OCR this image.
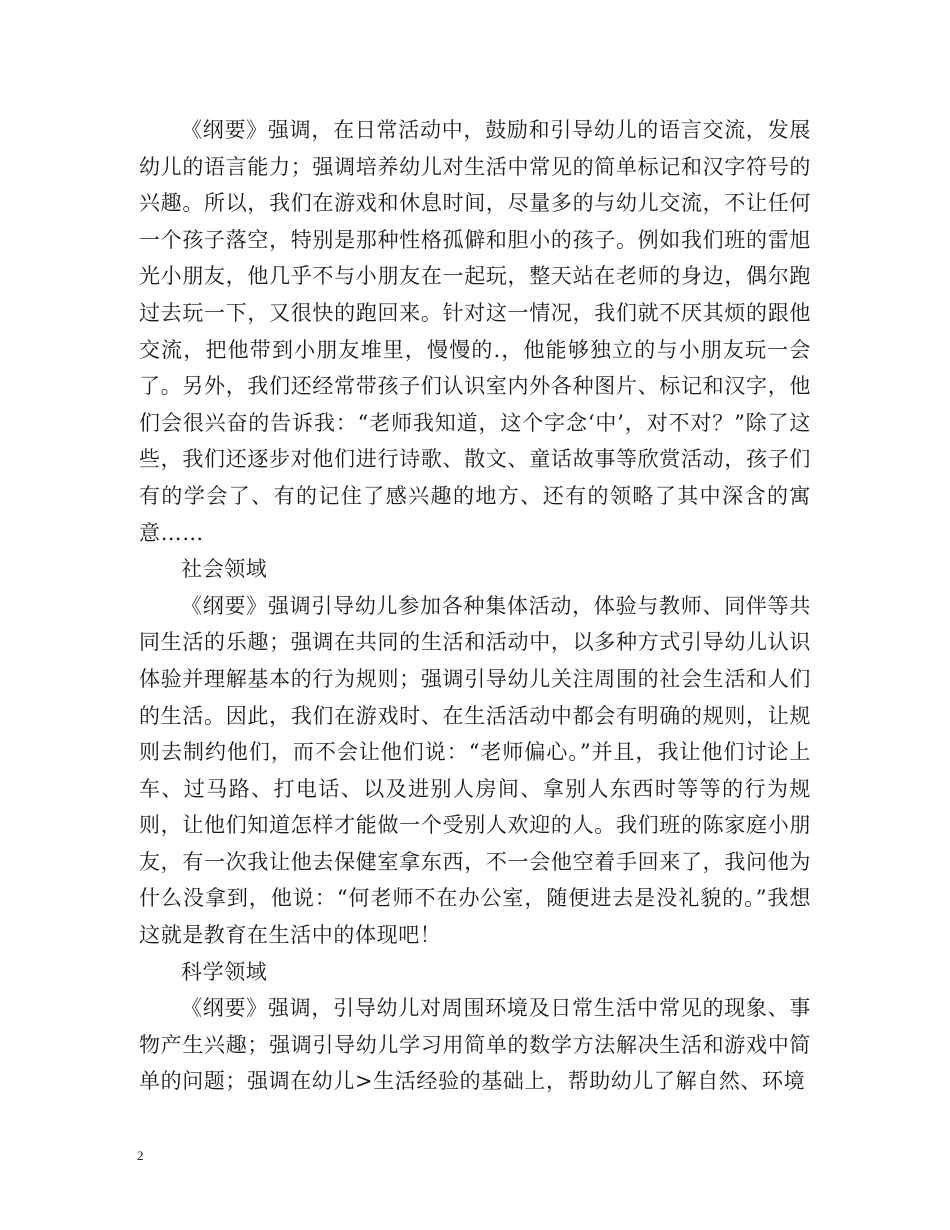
《纲要》强调，在日常活动中，鼓励和引导幼儿的语言交流，发展幼儿的语言能力；强调培养幼儿对生活中常见的简单标记和汉字符号的兴趣。所以，我们在游戏和休息时间，尽量多的与幼儿交流，不让任何一个孩子落空，特别是那种性格孤僻和胆小的孩子。例如我们班的雷旭光小朋友，他几乎不与小朋友在一起玩，整天站在老师的身边，偶尔跑过去玩一下，又很快的跑回来。针对这一情况，我们就不厌其烦的跟他交流，把他带到小朋友堆里，慢慢的.，他能够独立的与小朋友玩一会了。另外，我们还经常带孩子们认识室内外各种图片、标记和汉字，他们会很兴奋的告诉我：“老师我知道，这个字念‘中’，对不对？”除了这些，我们还逐步对他们进行诗歌、散文、童话故事等欣赏活动，孩子们有的学会了、有的记住了感兴趣的地方、还有的领略了其中深含的寓意……

社会领域

《纲要》强调引导幼儿参加各种集体活动，体验与教师、同伴等共同生活的乐趣；强调在共同的生活和活动中，以多种方式引导幼儿认识体验并理解基本的行为规则；强调引导幼儿关注周围的社会生活和人们的生活。因此，我们在游戏时、在生活活动中都会有明确的规则，让规则去制约他们，而不会让他们说：“老师偏心。”并且，我让他们讨论上车、过马路、打电话、以及进别人房间、拿别人东西时等等的行为规则，让他们知道怎样才能做一个受别人欢迎的人。我们班的陈家庭小朋友，有一次我让他去保健室拿东西，不一会他空着手回来了，我问他为什么没拿到，他说：“何老师不在办公室，随便进去是没礼貌的。”我想这就是教育在生活中的体现吧！

科学领域

《纲要》强调，引导幼儿对周围环境及日常生活中常见的现象、事物产生兴趣；强调引导幼儿学习用简单的数学方法解决生活和游戏中简单的问题；强调在幼儿>生活经验的基础上，帮助幼儿了解自然、环境

2
